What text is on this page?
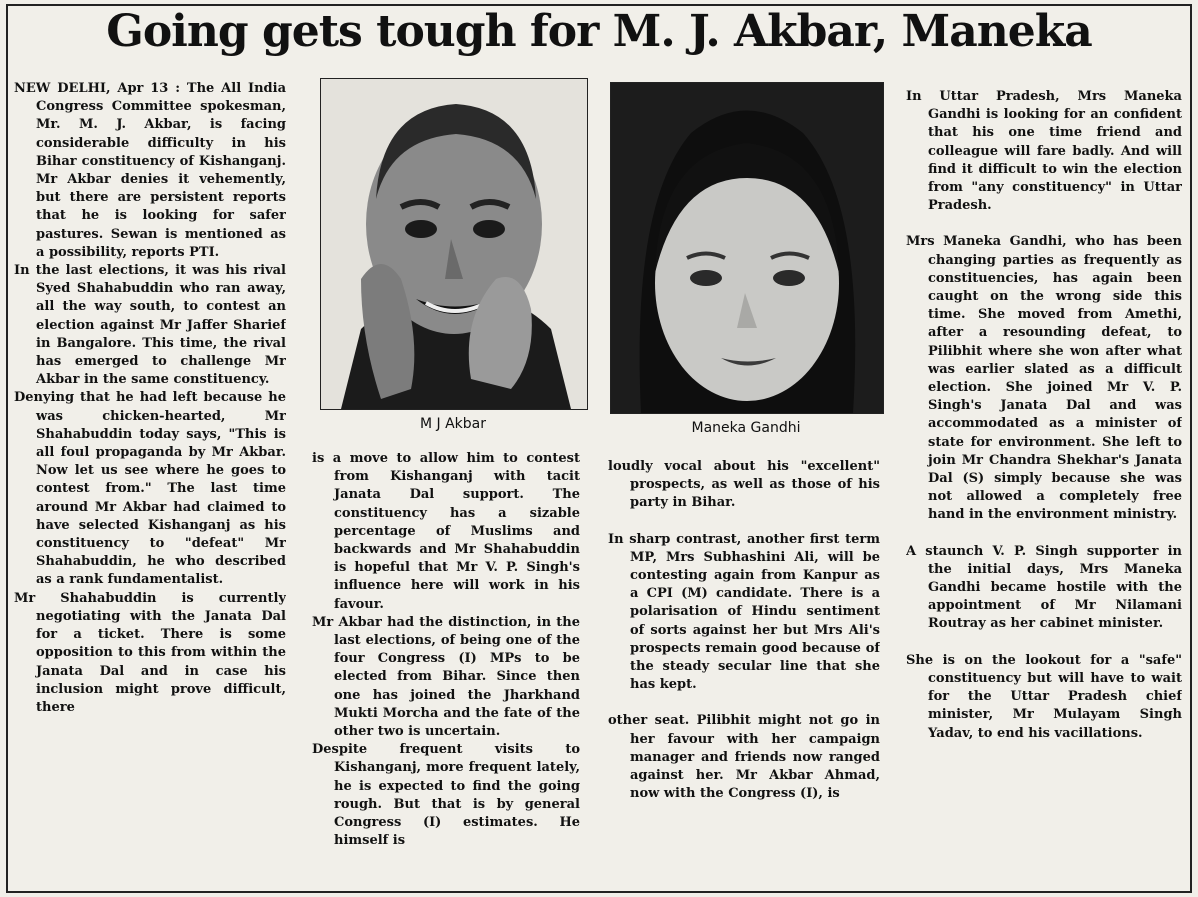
Going gets tough for M. J. Akbar, Maneka

NEW DELHI, Apr 13 : The All India Congress Committee spokesman, Mr. M. J. Akbar, is facing considerable difficulty in his Bihar constituency of Kishanganj. Mr Akbar denies it vehemently, but there are persistent reports that he is looking for safer pastures. Sewan is mentioned as a possibility, reports PTI.

In the last elections, it was his rival Syed Shahabuddin who ran away, all the way south, to contest an election against Mr Jaffer Sharief in Bangalore. This time, the rival has emerged to challenge Mr Akbar in the same constituency.

Denying that he had left because he was chicken-hearted, Mr Shahabuddin today says, "This is all foul propaganda by Mr Akbar. Now let us see where he goes to contest from." The last time around Mr Akbar had claimed to have selected Kishanganj as his constituency to "defeat" Mr Shahabuddin, he who described as a rank fundamentalist.

Mr Shahabuddin is currently negotiating with the Janata Dal for a ticket. There is some opposition to this from within the Janata Dal and in case his inclusion might prove difficult, there

M J Akbar	Maneka Gandhi

is a move to allow him to contest from Kishanganj with tacit Janata Dal support. The constituency has a sizable percentage of Muslims and backwards and Mr Shahabuddin is hopeful that Mr V. P. Singh's influence here will work in his favour.

Mr Akbar had the distinction, in the last elections, of being one of the four Congress (I) MPs to be elected from Bihar. Since then one has joined the Jharkhand Mukti Morcha and the fate of the other two is uncertain.

Despite frequent visits to Kishanganj, more frequent lately, he is expected to find the going rough. But that is by general Congress (I) estimates. He himself is

loudly vocal about his "excellent" prospects, as well as those of his party in Bihar.

In sharp contrast, another first term MP, Mrs Subhashini Ali, will be contesting again from Kanpur as a CPI (M) candidate. There is a polarisation of Hindu sentiment of sorts against her but Mrs Ali's prospects remain good because of the steady secular line that she has kept.

other seat. Pilibhit might not go in her favour with her campaign manager and friends now ranged against her. Mr Akbar Ahmad, now with the Congress (I), is

In Uttar Pradesh, Mrs Maneka Gandhi is looking for an confident that his one time friend and colleague will fare badly. And will find it difficult to win the election from "any constituency" in Uttar Pradesh.

Mrs Maneka Gandhi, who has been changing parties as frequently as constituencies, has again been caught on the wrong side this time. She moved from Amethi, after a resounding defeat, to Pilibhit where she won after what was earlier slated as a difficult election. She joined Mr V. P. Singh's Janata Dal and was accommodated as a minister of state for environment. She left to join Mr Chandra Shekhar's Janata Dal (S) simply because she was not allowed a completely free hand in the environment ministry.

A staunch V. P. Singh supporter in the initial days, Mrs Maneka Gandhi became hostile with the appointment of Mr Nilamani Routray as her cabinet minister.

She is on the lookout for a "safe" constituency but will have to wait for the Uttar Pradesh chief minister, Mr Mulayam Singh Yadav, to end his vacillations.
